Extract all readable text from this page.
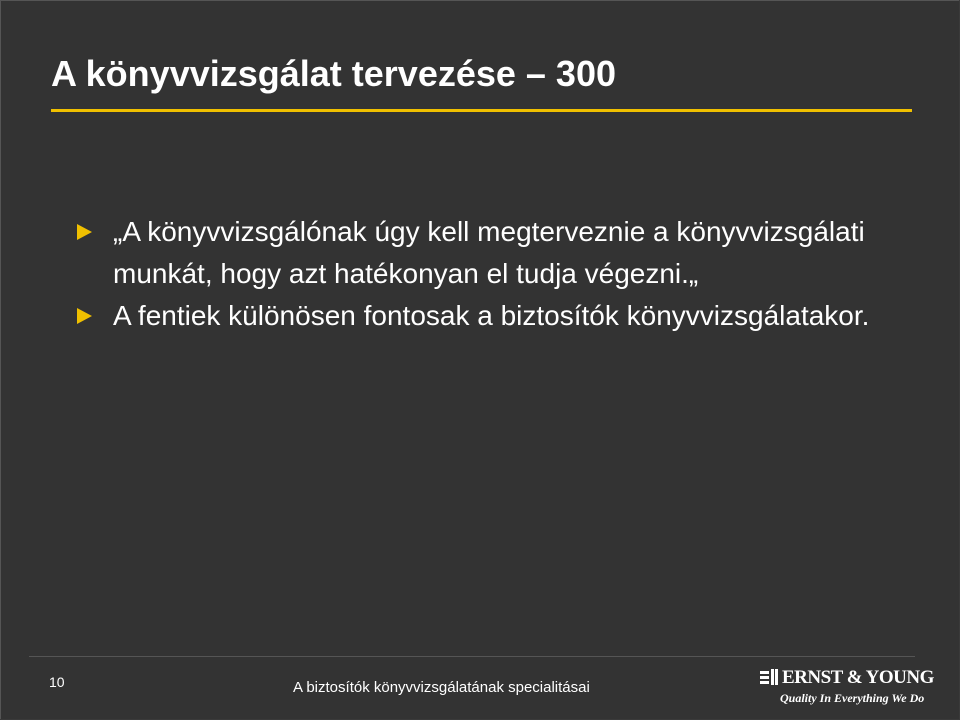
A könyvvizsgálat tervezése – 300
„A könyvvizsgálónak úgy kell megterveznie a könyvvizsgálati munkát, hogy azt hatékonyan el tudja végezni.„
A fentiek különösen fontosak a biztosítók könyvvizsgálatakor.
10	A biztosítók könyvvizsgálatának specialitásai	ERNST & YOUNG
Quality In Everything We Do
